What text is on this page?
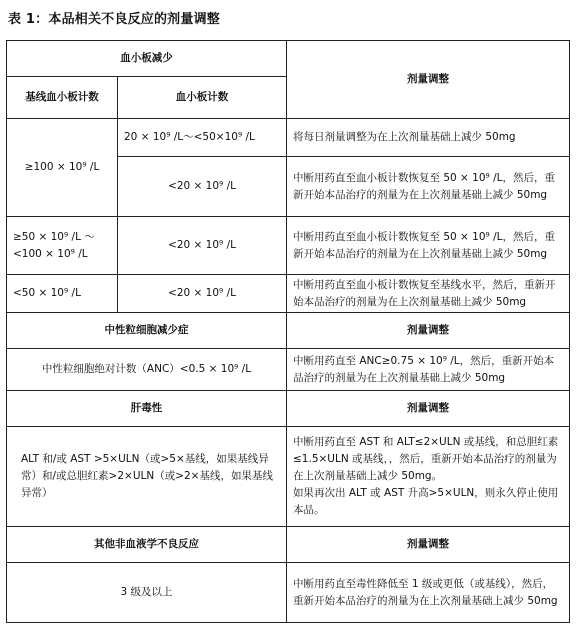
表 1：本品相关不良反应的剂量调整
血小板减少		剂量调整
基线血小板计数	血小板计数	
≥100 × 10⁹ /L	20 × 10⁹ /L～<50×10⁹ /L	将每日剂量调整为在上次剂量基础上减少 50mg
	<20 × 10⁹ /L	中断用药直至血小板计数恢复至 50 × 10⁹ /L，然后，重新开始本品治疗的剂量为在上次剂量基础上减少 50mg
≥50 × 10⁹ /L ～<100 × 10⁹ /L	<20 × 10⁹ /L	中断用药直至血小板计数恢复至 50 × 10⁹ /L，然后，重新开始本品治疗的剂量为在上次剂量基础上减少 50mg
<50 × 10⁹ /L	<20 × 10⁹ /L	中断用药直至血小板计数恢复至基线水平，然后，重新开始本品治疗的剂量为在上次剂量基础上减少 50mg
中性粒细胞减少症		剂量调整
中性粒细胞绝对计数（ANC）<0.5 × 10⁹ /L		中断用药直至 ANC≥0.75 × 10⁹ /L，然后，重新开始本品治疗的剂量为在上次剂量基础上减少 50mg
肝毒性		剂量调整
ALT 和/或 AST >5×ULN（或>5×基线，如果基线异常）和/或总胆红素>2×ULN（或>2×基线，如果基线异常）		中断用药直至 AST 和 ALT≤2×ULN 或基线，和总胆红素≤1.5×ULN 或基线，，然后，重新开始本品治疗的剂量为在上次剂量基础上减少 50mg。
如果再次出 ALT 或 AST 升高>5×ULN，则永久停止使用本品。

其他非血液学不良反应		剂量调整
3 级及以上		中断用药直至毒性降低至 1 级或更低（或基线），然后，重新开始本品治疗的剂量为在上次剂量基础上减少 50mg
